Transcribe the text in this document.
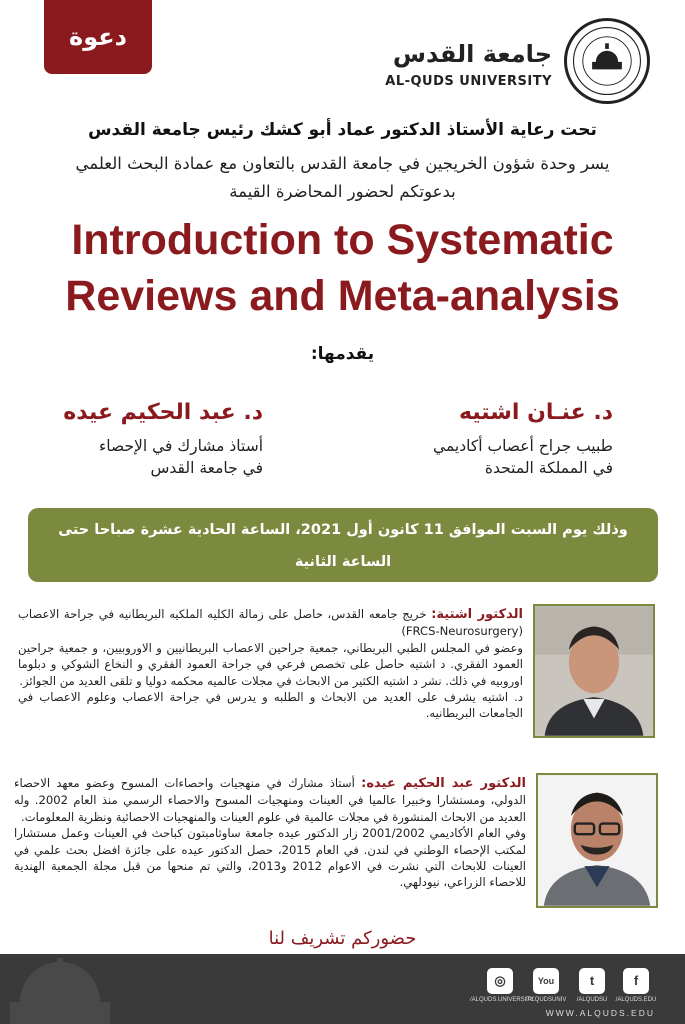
دعوة
جامعة القدس
AL-QUDS UNIVERSITY
تحت رعاية الأستاذ الدكتور عماد أبو كشك رئيس جامعة القدس
يسر وحدة شؤون الخريجين في جامعة القدس بالتعاون مع عمادة البحث العلمي
بدعوتكم لحضور المحاضرة القيمة
Introduction to Systematic
Reviews and Meta-analysis
يقدمها:
د. عنـان اشتيه
طبيب جراح أعصاب أكاديمي
في المملكة المتحدة
د. عبد الحكيم عيده
أستاذ مشارك في الإحصاء
في جامعة القدس
وذلك يوم السبت الموافق 11 كانون أول 2021، الساعة الحادية عشرة صباحا حتى الساعة الثانية
بعد الظهر في قاعة الشعر العربي حرم جامعة القدس الرئيس، أبوديس

الدكتور اشتية: خريج جامعه القدس، حاصل على زمالة الكليه الملكيه البريطانيه في جراحة الاعصاب (FRCS-Neurosurgery)

وعضو في المجلس الطبي البريطاني، جمعية جراحين الاعصاب البريطانيين و الاوروبيين، و جمعية جراحين العمود الفقري. د اشتيه حاصل على تخصص فرعي في جراحة العمود الفقري و النخاع الشوكي و دبلوما اوروبيه في ذلك. نشر د اشتيه الكثير من الابحاث في مجلات عالميه محكمه دوليا و تلقى العديد من الجوائز.

د. اشتيه يشرف على العديد من الابحاث و الطلبه و يدرس في جراحة الاعصاب وعلوم الاعصاب في الجامعات البريطانيه.

الدكتور عبد الحكيم عيده: أستاذ مشارك في منهجيات واحصاءات المسوح وعضو معهد الاحصاء الدولي، ومستشارا وخبيرا عالميا في العينات ومنهجيات المسوح والاحصاء الرسمي منذ العام 2002. وله العديد من الابحاث المنشورة في مجلات عالمية في علوم العينات والمنهجيات الاحصائية ونظرية المعلومات.

وفي العام الأكاديمي 2001/2002 زار الدكتور عيده جامعة ساوثامبتون كباحث في العينات وعمل مستشارا لمكتب الإحصاء الوطني في لندن. في العام 2015، حصل الدكتور عيده على جائزة افضل بحث علمي في العينات للابحاث التي نشرت في الاعوام 2012 و2013، والتي تم منحها من قبل مجلة الجمعية الهندية للاحصاء الزراعي، نيودلهي.

حضوركم تشريف لنا
◎
/ALQUDS.UNIVERSITY
You
/ALQUDSUNIV
t
/ALQUDSU
f
/ALQUDS.EDU
WWW.ALQUDS.EDU
